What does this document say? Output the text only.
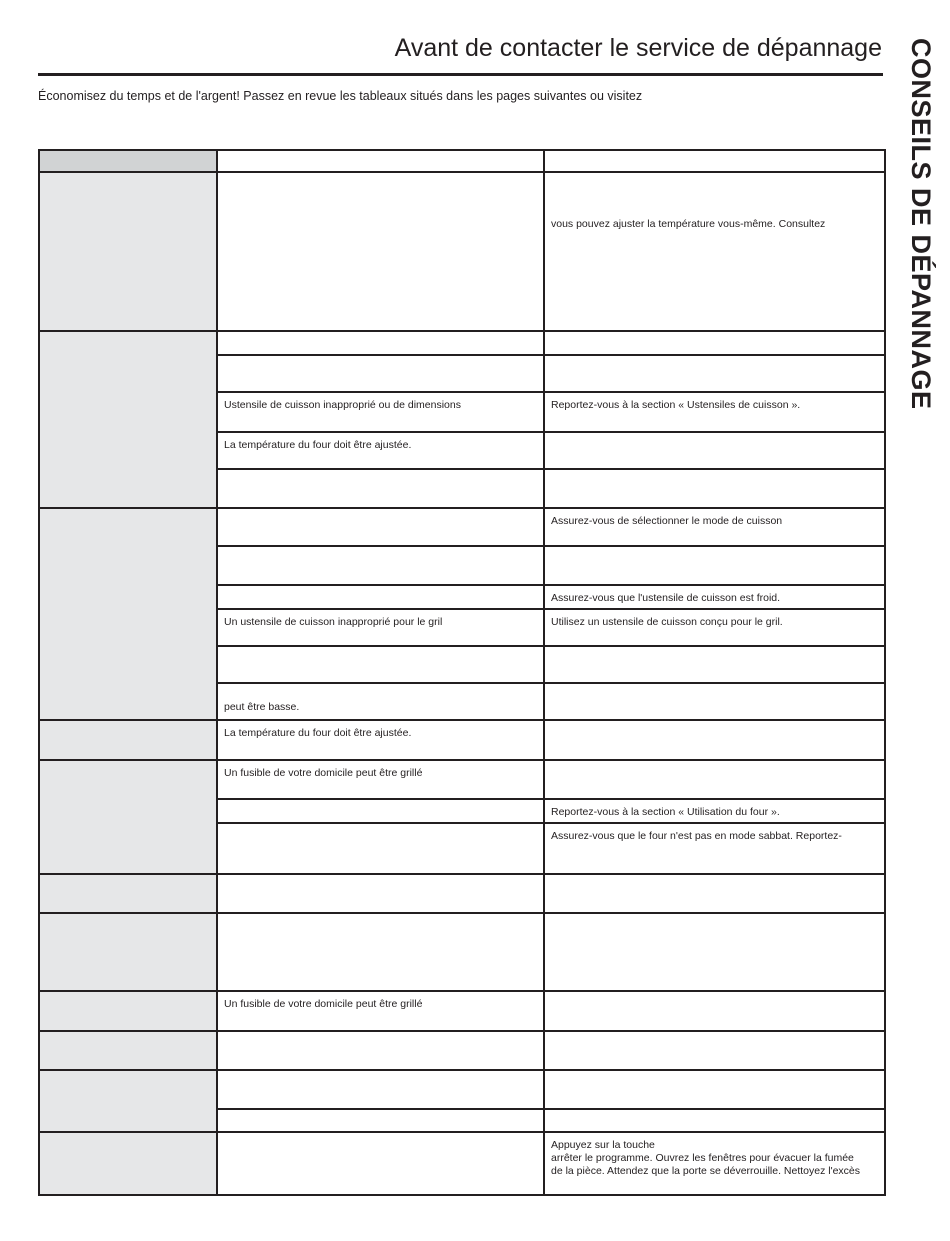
Avant de contacter le service de dépannage

Économisez du temps et de l'argent! Passez en revue les tableaux situés dans les pages suivantes ou visitez	CONSEILS DE DÉPANNAGE

		vous pouvez ajuster la température vous-même. Consultez

	Ustensile de cuisson inapproprié ou de dimensions	Reportez-vous à la section « Ustensiles de cuisson ».
	La température du four doit être ajustée.	

		Assurez-vous de sélectionner le mode de cuisson

		Assurez-vous que l'ustensile de cuisson est froid.
	Un ustensile de cuisson inapproprié pour le gril	Utilisez un ustensile de cuisson conçu pour le gril.

	peut être basse.	
	La température du four doit être ajustée.	
	Un fusible de votre domicile peut être grillé	
		Reportez-vous à la section « Utilisation du four ».
		Assurez-vous que le four n'est pas en mode sabbat. Reportez-

	Un fusible de votre domicile peut être grillé	

		Appuyez sur la touche
arrêter le programme. Ouvrez les fenêtres pour évacuer la fumée
de la pièce. Attendez que la porte se déverrouille. Nettoyez l'excès
